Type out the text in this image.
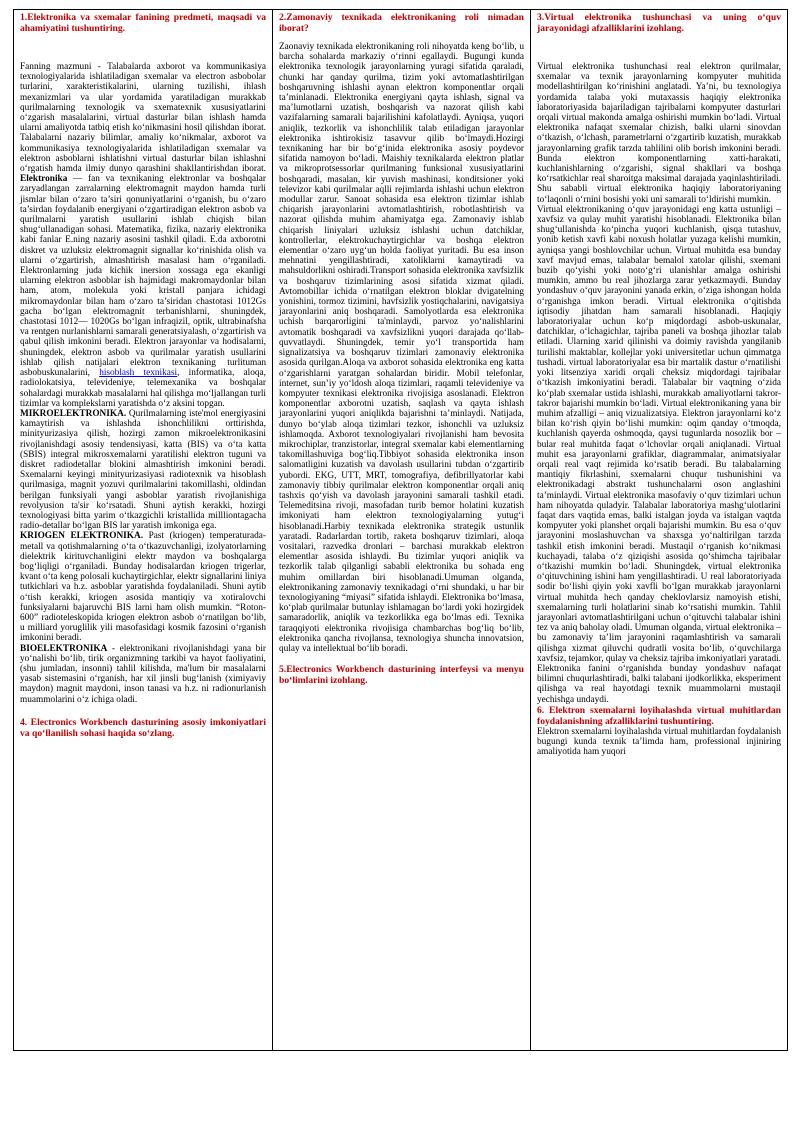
1.Elektronika va sxemalar fanining predmeti, maqsadi va ahamiyatini tushuntiring.

Fanning mazmuni - Talabalarda axborot va kommunikasiya texnologiyalarida ishlatiladigan sxemalar va electron asbobolar turlarini, xarakteristikalarini, ularning tuzilishi, ihlash mexanizmlari va ular yordamida yaratiladigan murakkab qurilmalarning texnologik va sxematexnik xususiyatlarini o‘zgarish masalalarini, virtual dasturlar bilan ishlash hamda ularni amaliyotda tatbiq etish ko‘nikmasini hosil qilishdan iborat. Talabalarni nazariy bilimlar, amaliy ko‘nikmalar, axborot va kommunikasiya texnologiyalarida ishlatiladigan sxemalar va elektron asboblarni ishlatishni virtual dasturlar bilan ishlashni o‘rgatish hamda ilmiy dunyo qarashini shakllantirishdan iborat. Elektronika — fan va texnikaning elektronlar va boshqalar zaryadlangan zarralarning elektromagnit maydon hamda turli jismlar bilan o‘zaro ta’siri qonuniyatlarini o‘rganish, bu o‘zaro ta’sirdan foydalanib energiyani o‘zgartiradigan elektron asbob va qurilmalarni yaratish usullarini ishlab chiqish bilan shug‘ullanadigan sohasi. Matematika, fizika, nazariy elektronika kabi fanlar E.ning nazariy asosini tashkil qiladi. E.da axborotni diskret va uzluksiz elektromagnit signallar ko‘rinishida olish va ularni o‘zgartirish, almashtirish masalasi ham o‘rganiladi. Elektronlarning juda kichik inersion xossaga ega ekanligi ularning elektron asboblar ish hajmidagi makromaydonlar bilan ham, atom, molekula yoki kristall panjara ichidagi mikromaydonlar bilan ham o‘zaro ta’siridan chastotasi 1012Gs gacha bo‘lgan elektromagnit terbanishlarni, shuningdek, chastotasi 1012— 1020Gs bo‘lgan infraqizil, optik, ultrabinafsha va rentgen nurlanishlarni samarali generatsiyalash, o‘zgartirish va qabul qilish imkonini beradi. Elektron jarayonlar va hodisalarni, shuningdek, elektron asbob va qurilmalar yaratish usullarini ishlab qilish natijalari elektron texnikaning turlituman asbobuskunalarini, hisoblash texnikasi, informatika, aloqa, radiolokatsiya, televideniye, telemexanika va boshqalar sohalardagi murakkab masalalarni hal qilishga mo‘ljallangan turli tizimlar va komplekslarni yaratishda o‘z aksini topgan.

MIKROELEKTRONIKA. Qurilmalarning iste'mol energiyasini kamaytirish va ishlashda ishonchlilikni orttirishda, minityurizasiya qilish, hozirgi zamon mikroelektronikasini rivojlanishdagi asosiy tendensiyasi, katta (BIS) va o‘ta katta (SBIS) integral mikrosxemalarni yaratilishi elektron tuguni va diskret radiodetallar blokini almashtirish imkonini beradi. Sxemalarni keyingi minityurizasiyasi radiotexnik va hisoblash qurilmasiga, magnit yozuvi qurilmalarini takomillashi, oldindan berilgan funksiyali yangi asboblar yaratish rivojlanishiga revolyusion ta'sir ko‘rsatadi. Shuni aytish kerakki, hozirgi texnologiyasi bitta yarim o‘tkazgichli kristallida millliontagacha radio-detallar bo‘lgan BIS lar yaratish imkoniga ega.

KRIOGEN ELEKTRONIKA. Past (kriogen) temperaturada-metall va qotishmalarning o‘ta o‘tkazuvchanligi, izolyatorlarning dielektrik kirituvchanligini elektr maydon va boshqalarga bog‘liqligi o‘rganiladi. Bunday hodisalardan kriogen trigerlar, kvant o‘ta keng polosali kuchaytirgichlar, elektr signallarini liniya tutkichlari va h.z. asboblar yaratishda foydalaniladi. Shuni aytib o‘tish kerakki, kriogen asosida mantiqiy va xotiralovchi funksiyalarni bajaruvchi BIS larni ham olish mumkin. “Roton-600” radioteleskopida kriogen elektron asbob o‘rnatilgan bo‘lib, u milliard yoruglilik yili masofasidagi kosmik fazosini o‘rganish imkonini beradi.

BIOELEKTRONIKA - elektronikani rivojlanishdagi yana bir yo‘nalishi bo‘lib, tirik organizmning tarkibi va hayot faoliyatini, (shu jumladan, insonni) tahlil kilishda, ma'lum bir masalalarni yasab sistemasini o‘rganish, har xil jinsli bug‘lanish (ximiyaviy maydon) magnit maydoni, inson tanasi va h.z. ni radionurlanish muammolarini o‘z ichiga oladi.

4. Electronics Workbench dasturining asosiy imkoniyatlari va qo‘llanilish sohasi haqida so‘zlang.

2.Zamonaviy texnikada elektronikaning roli nimadan iborat?

Zaonaviy texnikada elektronikaning roli nihoyatda keng bo‘lib, u barcha sohalarda markaziy o‘rinni egallaydi. Bugungi kunda elektronika texnologik jarayonlarning yuragi sifatida qaraladi, chunki har qanday qurilma, tizim yoki avtomatlashtirilgan boshqaruvning ishlashi aynan elektron komponentlar orqali ta’minlanadi. Elektronika energiyani qayta ishlash, signal va ma’lumotlarni uzatish, boshqarish va nazorat qilish kabi vazifalarning samarali bajarilishini kafolatlaydi. Ayniqsa, yuqori aniqlik, tezkorlik va ishonchlilik talab etiladigan jarayonlar elektronika ishtirokisiz tasavvur qilib bo‘lmaydi.Hozirgi texnikaning har bir bo‘g‘inida elektronika asosiy poydevor sifatida namoyon bo‘ladi. Maishiy texnikalarda elektron platlar va mikroprotsessorlar qurilmaning funksional xususiyatlarini boshqaradi, masalan, kir yuvish mashinasi, konditsioner yoki televizor kabi qurilmalar aqlli rejimlarda ishlashi uchun elektron modullar zarur. Sanoat sohasida esa elektron tizimlar ishlab chiqarish jarayonlarini avtomatlashtirish, robotlashtirish va nazorat qilishda muhim ahamiyatga ega. Zamonaviy ishlab chiqarish liniyalari uzluksiz ishlashi uchun datchiklar, kontrollerlar, elektrokuchaytirgichlar va boshqa elektron elementlar o‘zaro uyg‘un holda faoliyat yuritadi. Bu esa inson mehnatini yengillashtiradi, xatoliklarni kamaytiradi va mahsuldorlikni oshiradi.Transport sohasida elektronika xavfsizlik va boshqaruv tizimlarining asosi sifatida xizmat qiladi. Avtomobillar ichida o‘rnatilgan elektron bloklar dvigatelning yonishini, tormoz tizimini, havfsizlik yostiqchalarini, navigatsiya jarayonlarini aniq boshqaradi. Samolyotlarda esa elektronika uchish barqarorligini ta'minlaydi, parvoz yo‘nalishlarini avtomatik boshqaradi va xavfsizlikni yuqori darajada qo‘llab-quvvatlaydi. Shuningdek, temir yo‘l transportida ham signalizatsiya va boshqaruv tizimlari zamonaviy elektronika asosida qurilgan.Aloqa va axborot sohasida elektronika eng katta o‘zgarishlarni yaratgan sohalardan biridir. Mobil telefonlar, internet, sun’iy yo‘ldosh aloqa tizimlari, raqamli televideniye va kompyuter texnikasi elektronika rivojisiga asoslanadi. Elektron komponentlar axborotni uzatish, saqlash va qayta ishlash jarayonlarini yuqori aniqlikda bajarishni ta’minlaydi. Natijada, dunyo bo‘ylab aloqa tizimlari tezkor, ishonchli va uzluksiz ishlamoqda. Axborot texnologiyalari rivojlanishi ham bevosita mikrochiplar, tranzistorlar, integral sxemalar kabi elementlarning takomillashuviga bog‘liq.Tibbiyot sohasida elektronika inson salomatligini kuzatish va davolash usullarini tubdan o‘zgartirib yubordi. EKG, UTT, MRT, tomografiya, defibrillyatorlar kabi zamonaviy tibbiy qurilmalar elektron komponentlar orqali aniq tashxis qo‘yish va davolash jarayonini samarali tashkil etadi. Telemeditsina rivoji, masofadan turib bemor holatini kuzatish imkoniyati ham elektron texnologiyalarning yutug‘i hisoblanadi.Harbiy texnikada elektronika strategik ustunlik yaratadi. Radarlardan tortib, raketa boshqaruv tizimlari, aloqa vositalari, razvedka dronlari – barchasi murakkab elektron elementlar asosida ishlaydi. Bu tizimlar yuqori aniqlik va tezkorlik talab qilganligi sababli elektronika bu sohada eng muhim omillardan biri hisoblanadi.Umuman olganda, elektronikaning zamonaviy texnikadagi o‘rni shundaki, u har bir texnologiyaning “miyasi” sifatida ishlaydi. Elektronika bo‘lmasa, ko‘plab qurilmalar butunlay ishlamagan bo‘lardi yoki hozirgidek samaradorlik, aniqlik va tezkorlikka ega bo‘lmas edi. Texnika taraqqiyoti elektronika rivojisiga chambarchas bog‘liq bo‘lib, elektronika qancha rivojlansa, texnologiya shuncha innovatsion, qulay va intellektual bo‘lib boradi.

5.Electronics Workbench dasturining interfeysi va menyu bo‘limlarini izohlang.

3.Virtual elektronika tushunchasi va uning o‘quv jarayonidagi afzalliklarini izohlang.

Virtual elektronika tushunchasi real elektron qurilmalar, sxemalar va texnik jarayonlarning kompyuter muhitida modellashtirilgan ko‘rinishini anglatadi. Ya’ni, bu texnologiya yordamida talaba yoki mutaxassis haqiqiy elektronika laboratoriyasida bajariladigan tajribalarni kompyuter dasturlari orqali virtual makonda amalga oshirishi mumkin bo‘ladi. Virtual elektronika nafaqat sxemalar chizish, balki ularni sinovdan o‘tkazish, o‘lchash, parametrlarni o‘zgartirib kuzatish, murakkab jarayonlarning grafik tarzda tahlilini olib borish imkonini beradi. Bunda elektron komponentlarning xatti-harakati, kuchlanishlarning o‘zgarishi, signal shakllari va boshqa ko‘rsatkichlar real sharoitga maksimal darajada yaqinlashtiriladi. Shu sababli virtual elektronika haqiqiy laboratoriyaning to‘laqonli o‘rnini bosishi yoki uni samarali to‘ldirishi mumkin.

Virtual elektronikaning o‘quv jarayonidagi eng katta ustunligi – xavfsiz va qulay muhit yaratishi hisoblanadi. Elektronika bilan shug‘ullanishda ko‘pincha yuqori kuchlanish, qisqa tutashuv, yonib ketish xavfi kabi noxush holatlar yuzaga kelishi mumkin, ayniqsa yangi boshlovchilar uchun. Virtual muhitda esa bunday xavf mavjud emas, talabalar bemalol xatolar qilishi, sxemani buzib qo‘yishi yoki noto‘g‘ri ulanishlar amalga oshirishi mumkin, ammo bu real jihozlarga zarar yetkazmaydi. Bunday yondashuv o‘quv jarayonini yanada erkin, o‘ziga ishongan holda o‘rganishga imkon beradi. Virtual elektronika o‘qitishda iqtisodiy jihatdan ham samarali hisoblanadi. Haqiqiy laboratoriyalar uchun ko‘p miqdordagi asbob-uskunalar, datchiklar, o‘lchagichlar, tajriba paneli va boshqa jihozlar talab etiladi. Ularning xarid qilinishi va doimiy ravishda yangilanib turilishi maktablar, kollejlar yoki universitetlar uchun qimmatga tushadi. virtual laboratoriyalar esa bir martalik dastur o‘rnatilishi yoki litsenziya xaridi orqali cheksiz miqdordagi tajribalar o‘tkazish imkoniyatini beradi. Talabalar bir vaqtning o‘zida ko‘plab sxemalar ustida ishlashi, murakkab amaliyotlarni takror-takror bajarishi mumkin bo‘ladi. Virtual elektronikaning yana bir muhim afzalligi – aniq vizualizatsiya. Elektron jarayonlarni ko‘z bilan ko‘rish qiyin bo‘lishi mumkin: oqim qanday o‘tmoqda, kuchlanish qayerda oshmoqda, qaysi tugunlarda nosozlik bor – bular real muhitda faqat o‘lchovlar orqali aniqlanadi. Virtual muhit esa jarayonlarni grafiklar, diagrammalar, animatsiyalar orqali real vaqt rejimida ko‘rsatib beradi. Bu talabalarning mantiqiy fikrlashini, sxemalarni chuqur tushunishini va elektronikadagi abstrakt tushunchalarni oson anglashini ta’minlaydi. Virtual elektronika masofaviy o‘quv tizimlari uchun ham nihoyatda quladyir. Talabalar laboratoriya mashg‘ulotlarini faqat dars vaqtida emas, balki istalgan joyda va istalgan vaqtda kompyuter yoki planshet orqali bajarishi mumkin. Bu esa o‘quv jarayonini moslashuvchan va shaxsga yo‘naltirilgan tarzda tashkil etish imkonini beradi. Mustaqil o‘rganish ko‘nikmasi kuchayadi, talaba o‘z qiziqishi asosida qo‘shimcha tajribalar o‘tkazishi mumkin bo‘ladi. Shuningdek, virtual elektronika o‘qituvchining ishini ham yengillashtiradi. U real laboratoriyada sodir bo‘lishi qiyin yoki xavfli bo‘lgan murakkab jarayonlarni virtual muhitda hech qanday cheklovlarsiz namoyish etishi, sxemalarning turli holatlarini sinab ko‘rsatishi mumkin. Tahlil jarayonlari avtomatlashtirilgani uchun o‘qituvchi talabalar ishini tez va aniq baholay oladi. Umuman olganda, virtual elektronika – bu zamonaviy ta’lim jarayonini raqamlashtirish va samarali qilishga xizmat qiluvchi qudratli vosita bo‘lib, o‘quvchilarga xavfsiz, tejamkor, qulay va cheksiz tajriba imkoniyatlari yaratadi. Elektronika fanini o‘rganishda bunday yondashuv nafaqat bilimni chuqurlashtiradi, balki talabani ijodkorlikka, eksperiment qilishga va real hayotdagi texnik muammolarni mustaqil yechishga undaydi.

6. Elektron sxemalarni loyihalashda virtual muhitlardan foydalanishning afzalliklarini tushuntiring.

Elektron sxemalarni loyihalashda virtual muhitlardan foydalanish bugungi kunda texnik ta’limda ham, professional injiniring amaliyotida ham yuqori
